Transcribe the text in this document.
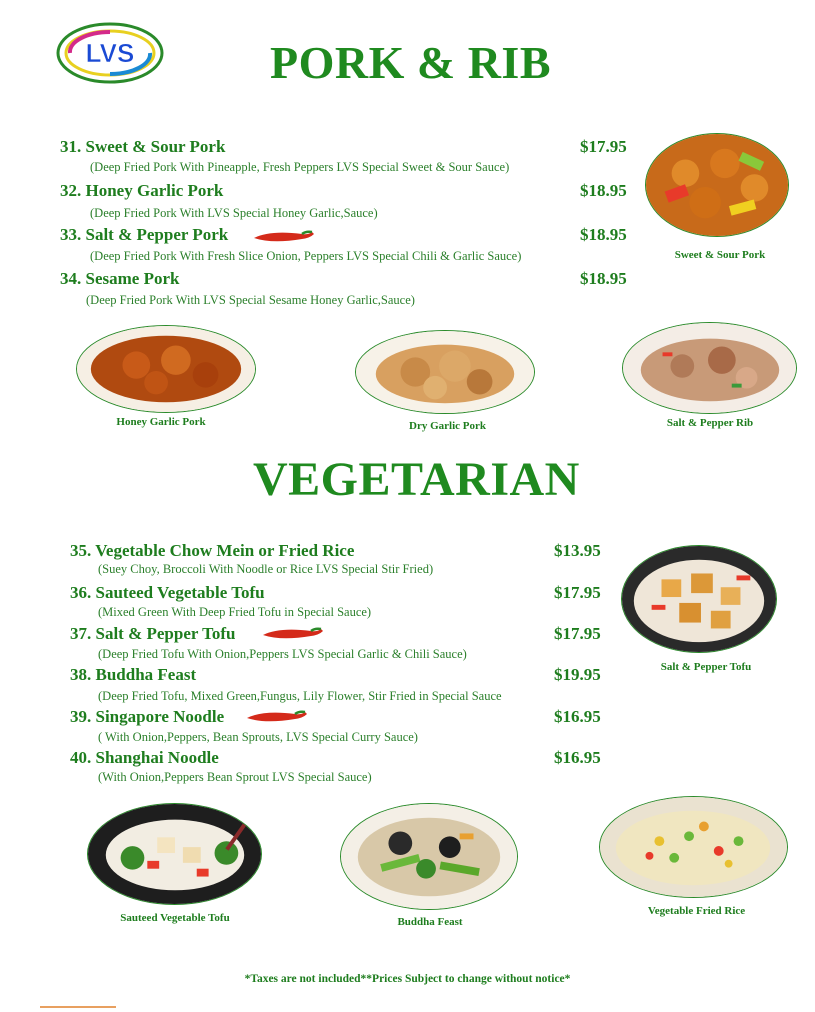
LVS	PORK & RIB
31. Sweet & Sour Pork	$17.95
(Deep Fried Pork With Pineapple, Fresh Peppers LVS Special Sweet & Sour Sauce)
32. Honey Garlic Pork	$18.95
(Deep Fried Pork With LVS Special Honey Garlic,Sauce)
33. Salt & Pepper Pork	$18.95
(Deep Fried Pork With Fresh Slice Onion, Peppers LVS Special Chili & Garlic Sauce)
34. Sesame Pork	$18.95
(Deep Fried Pork With LVS Special Sesame Honey Garlic,Sauce)
Sweet & Sour Pork
Honey Garlic Pork	Dry Garlic Pork	Salt & Pepper Rib
VEGETARIAN
35. Vegetable Chow Mein or Fried Rice	$13.95
(Suey Choy, Broccoli With Noodle or Rice LVS Special Stir Fried)
36. Sauteed Vegetable Tofu	$17.95
(Mixed Green With Deep Fried Tofu in Special Sauce)
37. Salt & Pepper Tofu	$17.95
(Deep Fried Tofu With Onion,Peppers LVS Special Garlic & Chili Sauce)
38. Buddha Feast	$19.95
(Deep Fried Tofu, Mixed Green,Fungus, Lily Flower, Stir Fried in Special Sauce
39. Singapore Noodle	$16.95
( With Onion,Peppers, Bean Sprouts, LVS Special Curry Sauce)
40. Shanghai Noodle	$16.95
(With Onion,Peppers Bean Sprout LVS Special Sauce)
Salt & Pepper Tofu
Sauteed Vegetable Tofu	Buddha Feast
Vegetable Fried Rice
*Taxes are not included**Prices Subject to change without notice*
